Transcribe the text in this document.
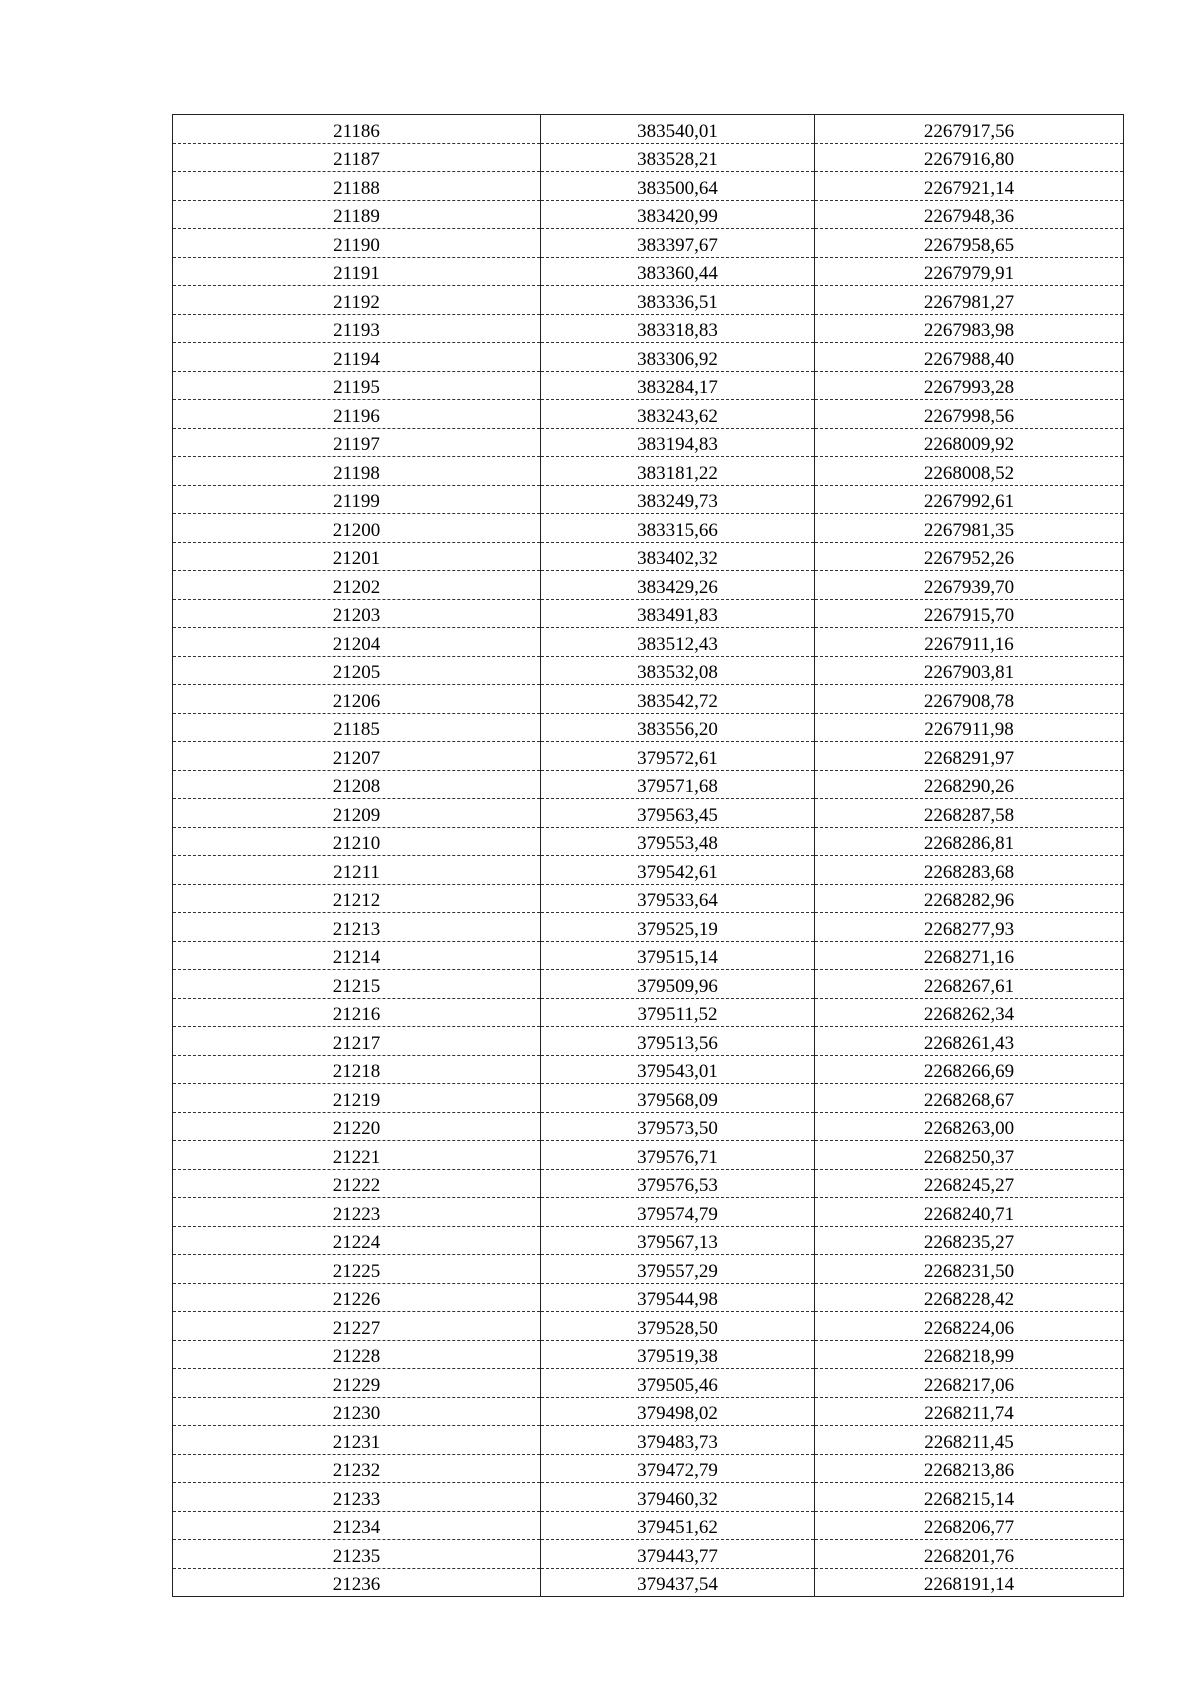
21186	383540,01	2267917,56
21187	383528,21	2267916,80
21188	383500,64	2267921,14
21189	383420,99	2267948,36
21190	383397,67	2267958,65
21191	383360,44	2267979,91
21192	383336,51	2267981,27
21193	383318,83	2267983,98
21194	383306,92	2267988,40
21195	383284,17	2267993,28
21196	383243,62	2267998,56
21197	383194,83	2268009,92
21198	383181,22	2268008,52
21199	383249,73	2267992,61
21200	383315,66	2267981,35
21201	383402,32	2267952,26
21202	383429,26	2267939,70
21203	383491,83	2267915,70
21204	383512,43	2267911,16
21205	383532,08	2267903,81
21206	383542,72	2267908,78
21185	383556,20	2267911,98
21207	379572,61	2268291,97
21208	379571,68	2268290,26
21209	379563,45	2268287,58
21210	379553,48	2268286,81
21211	379542,61	2268283,68
21212	379533,64	2268282,96
21213	379525,19	2268277,93
21214	379515,14	2268271,16
21215	379509,96	2268267,61
21216	379511,52	2268262,34
21217	379513,56	2268261,43
21218	379543,01	2268266,69
21219	379568,09	2268268,67
21220	379573,50	2268263,00
21221	379576,71	2268250,37
21222	379576,53	2268245,27
21223	379574,79	2268240,71
21224	379567,13	2268235,27
21225	379557,29	2268231,50
21226	379544,98	2268228,42
21227	379528,50	2268224,06
21228	379519,38	2268218,99
21229	379505,46	2268217,06
21230	379498,02	2268211,74
21231	379483,73	2268211,45
21232	379472,79	2268213,86
21233	379460,32	2268215,14
21234	379451,62	2268206,77
21235	379443,77	2268201,76
21236	379437,54	2268191,14
